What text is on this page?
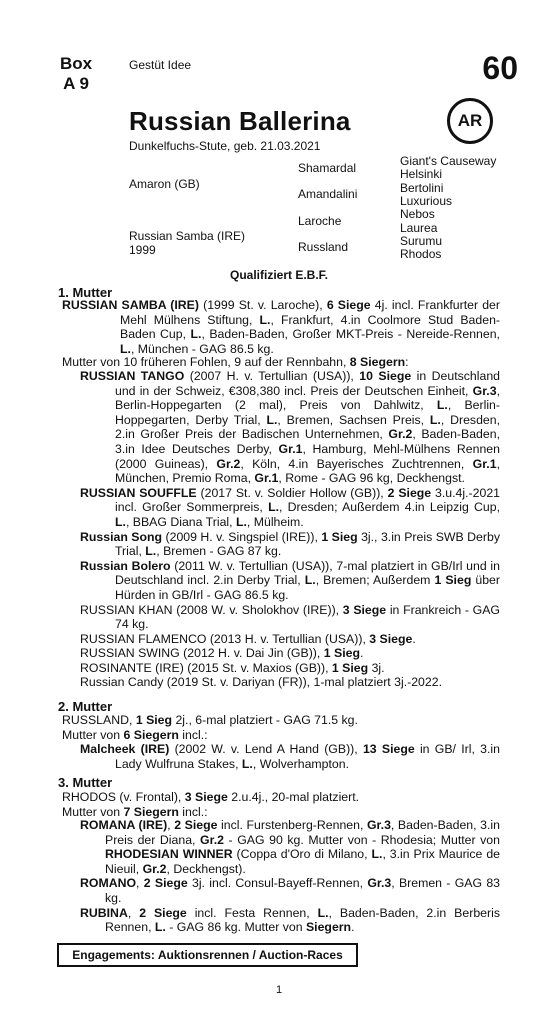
Box
A 9
Gestüt Idee	60
AR
Russian Ballerina
Dunkelfuchs-Stute, geb. 21.03.2021
Amaron (GB)
Russian Samba (IRE)
1999
Shamardal
Amandalini
Laroche
Russland
Giant's Causeway
Helsinki
Bertolini
Luxurious
Nebos
Laurea
Surumu
Rhodos
Qualifiziert E.B.F.
1. Mutter
RUSSIAN SAMBA (IRE) (1999 St. v. Laroche), 6 Siege 4j. incl. Frankfurter der Mehl Mülhens Stiftung, L., Frankfurt, 4.in Coolmore Stud Baden-Baden Cup, L., Baden-Baden, Großer MKT-Preis - Nereide-Rennen, L., München - GAG 86.5 kg.
Mutter von 10 früheren Fohlen, 9 auf der Rennbahn, 8 Siegern:
RUSSIAN TANGO (2007 H. v. Tertullian (USA)), 10 Siege in Deutschland und in der Schweiz, €308,380 incl. Preis der Deutschen Einheit, Gr.3, Berlin-Hoppegarten (2 mal), Preis von Dahlwitz, L., Berlin-Hoppegarten, Derby Trial, L., Bremen, Sachsen Preis, L., Dresden, 2.in Großer Preis der Badischen Unternehmen, Gr.2, Baden-Baden, 3.in Idee Deutsches Derby, Gr.1, Hamburg, Mehl-Mülhens Rennen (2000 Guineas), Gr.2, Köln, 4.in Bayerisches Zuchtrennen, Gr.1, München, Premio Roma, Gr.1, Rome - GAG 96 kg, Deckhengst.
RUSSIAN SOUFFLE (2017 St. v. Soldier Hollow (GB)), 2 Siege 3.u.4j.-2021 incl. Großer Sommerpreis, L., Dresden; Außerdem 4.in Leipzig Cup, L., BBAG Diana Trial, L., Mülheim.
Russian Song (2009 H. v. Singspiel (IRE)), 1 Sieg 3j., 3.in Preis SWB Derby Trial, L., Bremen - GAG 87 kg.
Russian Bolero (2011 W. v. Tertullian (USA)), 7-mal platziert in GB/Irl und in Deutschland incl. 2.in Derby Trial, L., Bremen; Außerdem 1 Sieg über Hürden in GB/Irl - GAG 86.5 kg.
RUSSIAN KHAN (2008 W. v. Sholokhov (IRE)), 3 Siege in Frankreich - GAG 74 kg.
RUSSIAN FLAMENCO (2013 H. v. Tertullian (USA)), 3 Siege.
RUSSIAN SWING (2012 H. v. Dai Jin (GB)), 1 Sieg.
ROSINANTE (IRE) (2015 St. v. Maxios (GB)), 1 Sieg 3j.
Russian Candy (2019 St. v. Dariyan (FR)), 1-mal platziert 3j.-2022.
2. Mutter
RUSSLAND, 1 Sieg 2j., 6-mal platziert - GAG 71.5 kg.
Mutter von 6 Siegern incl.:
Malcheek (IRE) (2002 W. v. Lend A Hand (GB)), 13 Siege in GB/ Irl, 3.in Lady Wulfruna Stakes, L., Wolverhampton.
3. Mutter
RHODOS (v. Frontal), 3 Siege 2.u.4j., 20-mal platziert.
Mutter von 7 Siegern incl.:
ROMANA (IRE), 2 Siege incl. Furstenberg-Rennen, Gr.3, Baden-Baden, 3.in Preis der Diana, Gr.2 - GAG 90 kg. Mutter von - Rhodesia; Mutter von RHODESIAN WINNER (Coppa d'Oro di Milano, L., 3.in Prix Maurice de Nieuil, Gr.2, Deckhengst).
ROMANO, 2 Siege 3j. incl. Consul-Bayeff-Rennen, Gr.3, Bremen - GAG 83 kg.
RUBINA, 2 Siege incl. Festa Rennen, L., Baden-Baden, 2.in Berberis Rennen, L. - GAG 86 kg. Mutter von Siegern.
Engagements: Auktionsrennen / Auction-Races
1
